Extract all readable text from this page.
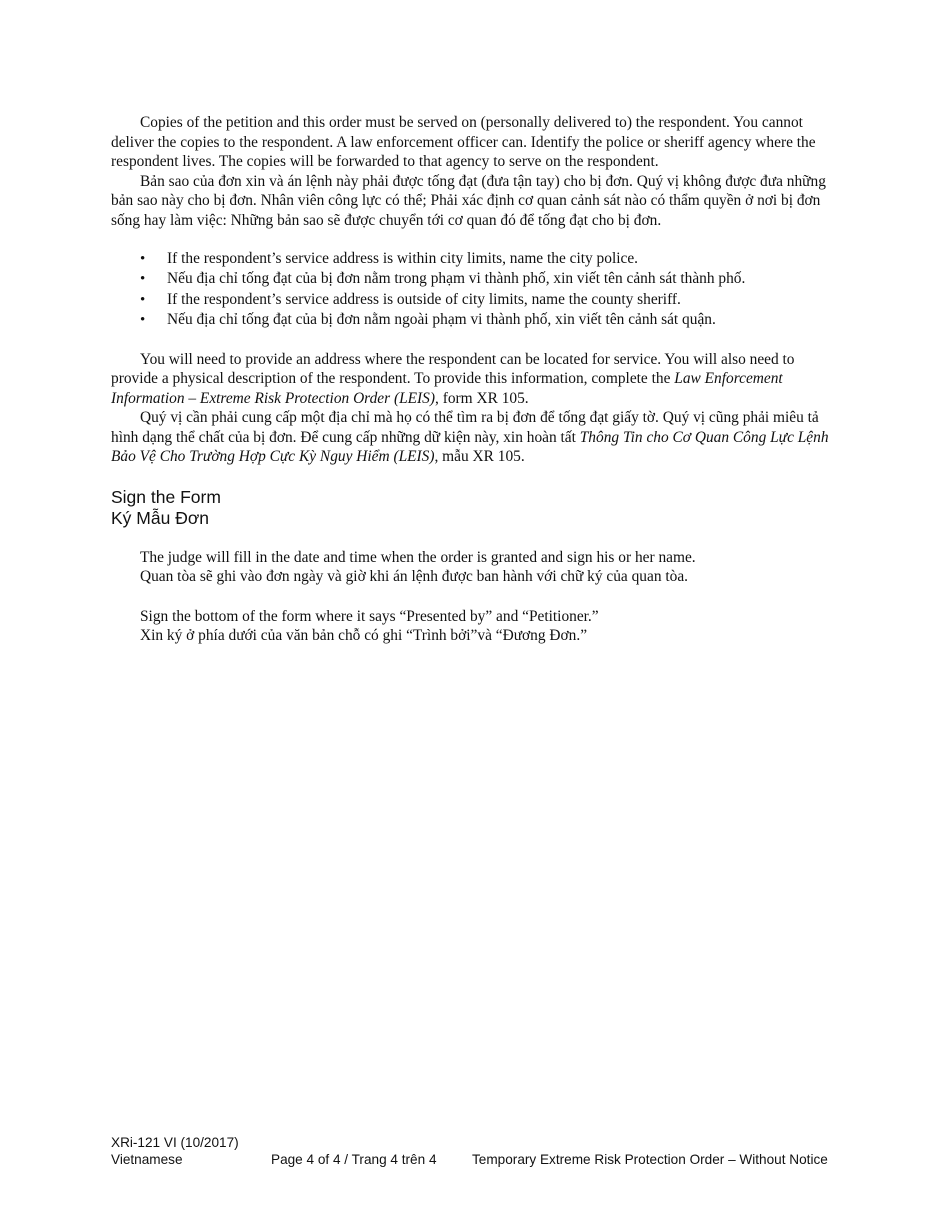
Copies of the petition and this order must be served on (personally delivered to) the respondent. You cannot deliver the copies to the respondent. A law enforcement officer can. Identify the police or sheriff agency where the respondent lives. The copies will be forwarded to that agency to serve on the respondent.

Bản sao của đơn xin và án lệnh này phải được tống đạt (đưa tận tay) cho bị đơn. Quý vị không được đưa những bản sao này cho bị đơn. Nhân viên công lực có thể; Phải xác định cơ quan cảnh sát nào có thẩm quyền ở nơi bị đơn sống hay làm việc: Những bản sao sẽ được chuyển tới cơ quan đó để tống đạt cho bị đơn.

• If the respondent’s service address is within city limits, name the city police.
• Nếu địa chỉ tống đạt của bị đơn nằm trong phạm vi thành phố, xin viết tên cảnh sát thành phố.
• If the respondent’s service address is outside of city limits, name the county sheriff.
• Nếu địa chỉ tống đạt của bị đơn nằm ngoài phạm vi thành phố, xin viết tên cảnh sát quận.

You will need to provide an address where the respondent can be located for service. You will also need to provide a physical description of the respondent. To provide this information, complete the Law Enforcement Information – Extreme Risk Protection Order (LEIS), form XR 105.

Quý vị cần phải cung cấp một địa chỉ mà họ có thể tìm ra bị đơn để tống đạt giấy tờ. Quý vị cũng phải miêu tả hình dạng thể chất của bị đơn. Để cung cấp những dữ kiện này, xin hoàn tất Thông Tin cho Cơ Quan Công Lực Lệnh Bảo Vệ Cho Trường Hợp Cực Kỳ Nguy Hiểm (LEIS), mẫu XR 105.

Sign the Form
Ký Mẫu Đơn

The judge will fill in the date and time when the order is granted and sign his or her name.

Quan tòa sẽ ghi vào đơn ngày và giờ khi án lệnh được ban hành với chữ ký của quan tòa.

Sign the bottom of the form where it says “Presented by” and “Petitioner.”

Xin ký ở phía dưới của văn bản chỗ có ghi “Trình bởi”và “Đương Đơn.”

XRi-121 VI (10/2017)
Vietnamese	Page 4 of 4 / Trang 4 trên 4	Temporary Extreme Risk Protection Order – Without Notice
